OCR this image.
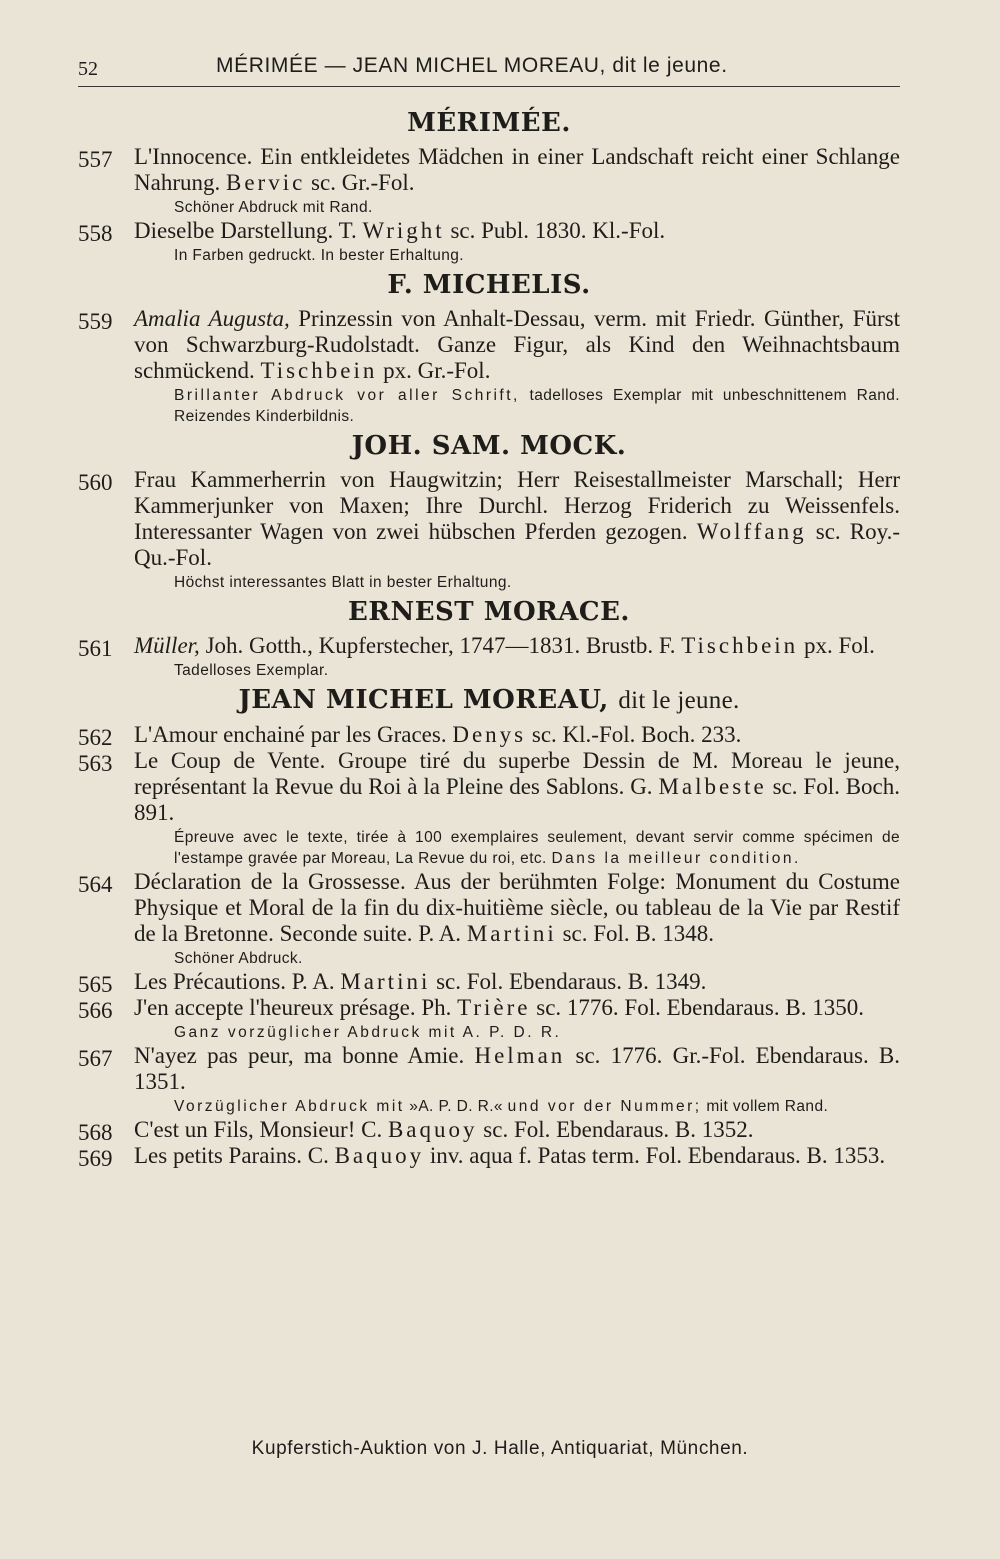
52	MÉRIMÉE — JEAN MICHEL MOREAU, dit le jeune.
MÉRIMÉE.
557 L'Innocence. Ein entkleidetes Mädchen in einer Landschaft reicht einer Schlange Nahrung. Bervic sc. Gr.-Fol.
Schöner Abdruck mit Rand.
558 Dieselbe Darstellung. T. Wright sc. Publ. 1830. Kl.-Fol.
In Farben gedruckt. In bester Erhaltung.
F. MICHELIS.
559 Amalia Augusta, Prinzessin von Anhalt-Dessau, verm. mit Friedr. Günther, Fürst von Schwarzburg-Rudolstadt. Ganze Figur, als Kind den Weihnachtsbaum schmückend. Tischbein px. Gr.-Fol.
Brillanter Abdruck vor aller Schrift, tadelloses Exemplar mit unbeschnittenem Rand. Reizendes Kinderbildnis.
JOH. SAM. MOCK.
560 Frau Kammerherrin von Haugwitzin; Herr Reisestallmeister Marschall; Herr Kammerjunker von Maxen; Ihre Durchl. Herzog Friderich zu Weissenfels. Interessanter Wagen von zwei hübschen Pferden gezogen. Wolffang sc. Roy.-Qu.-Fol.
Höchst interessantes Blatt in bester Erhaltung.
ERNEST MORACE.
561 Müller, Joh. Gotth., Kupferstecher, 1747—1831. Brustb. F. Tischbein px. Fol.
Tadelloses Exemplar.
JEAN MICHEL MOREAU, dit le jeune.
562 L'Amour enchainé par les Graces. Denys sc. Kl.-Fol. Boch. 233.
563 Le Coup de Vente. Groupe tiré du superbe Dessin de M. Moreau le jeune, représentant la Revue du Roi à la Pleine des Sablons. G. Malbeste sc. Fol. Boch. 891.
Épreuve avec le texte, tirée à 100 exemplaires seulement, devant servir comme spécimen de l'estampe gravée par Moreau, La Revue du roi, etc. Dans la meilleur condition.
564 Déclaration de la Grossesse. Aus der berühmten Folge: Monument du Costume Physique et Moral de la fin du dix-huitième siècle, ou tableau de la Vie par Restif de la Bretonne. Seconde suite. P. A. Martini sc. Fol. B. 1348.
Schöner Abdruck.
565 Les Précautions. P. A. Martini sc. Fol. Ebendaraus. B. 1349.
566 J'en accepte l'heureux présage. Ph. Trière sc. 1776. Fol. Ebendaraus. B. 1350.
Ganz vorzüglicher Abdruck mit A. P. D. R.
567 N'ayez pas peur, ma bonne Amie. Helman sc. 1776. Gr.-Fol. Ebendaraus. B. 1351.
Vorzüglicher Abdruck mit »A. P. D. R.« und vor der Nummer; mit vollem Rand.
568 C'est un Fils, Monsieur! C. Baquoy sc. Fol. Ebendaraus. B. 1352.
569 Les petits Parains. C. Baquoy inv. aqua f. Patas term. Fol. Ebendaraus. B. 1353.
Kupferstich-Auktion von J. Halle, Antiquariat, München.
